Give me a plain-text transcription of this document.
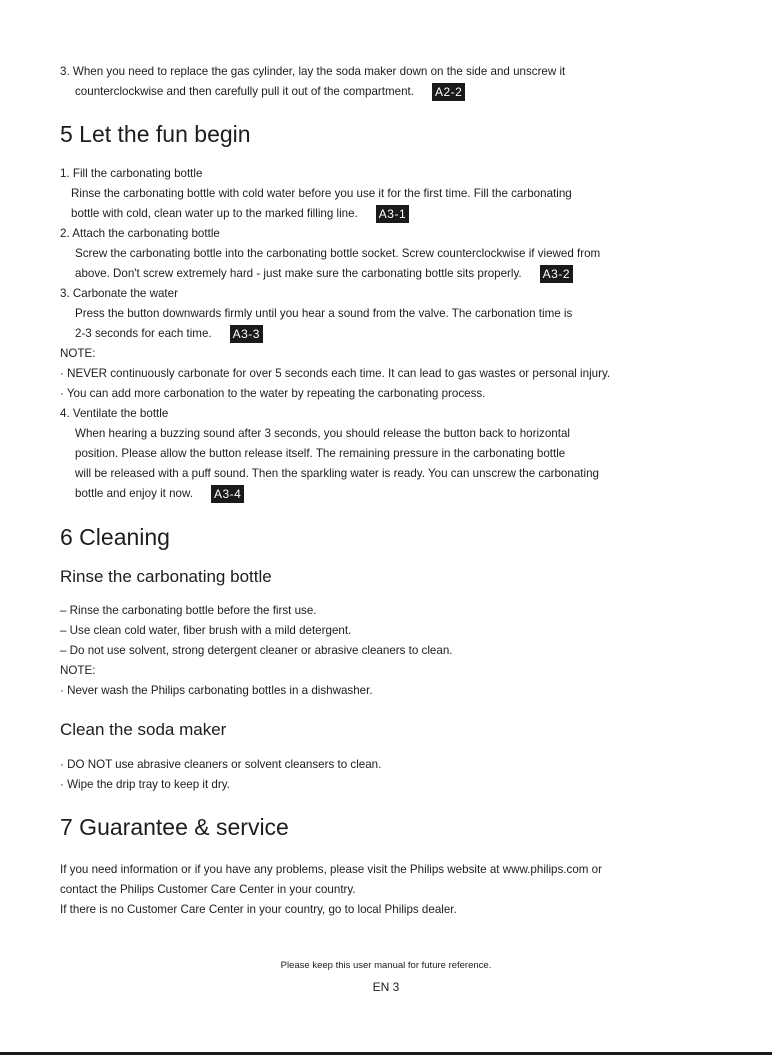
3. When you need to replace the gas cylinder, lay the soda maker down on the side and unscrew it
counterclockwise and then carefully pull it out of the compartment. A2-2
5 Let the fun begin
1. Fill the carbonating bottle
Rinse the carbonating bottle with cold water before you use it for the first time. Fill the carbonating
bottle with cold, clean water up to the marked filling line. A3-1
2. Attach the carbonating bottle
Screw the carbonating bottle into the carbonating bottle socket. Screw counterclockwise if viewed from
above. Don't screw extremely hard - just make sure the carbonating bottle sits properly. A3-2
3. Carbonate the water
Press the button downwards firmly until you hear a sound from the valve. The carbonation time is
2-3 seconds for each time. A3-3
NOTE:
· NEVER continuously carbonate for over 5 seconds each time. It can lead to gas wastes or personal injury.
· You can add more carbonation to the water by repeating the carbonating process.
4. Ventilate the bottle
When hearing a buzzing sound after 3 seconds, you should release the button back to horizontal
position. Please allow the button release itself. The remaining pressure in the carbonating bottle
will be released with a puff sound. Then the sparkling water is ready. You can unscrew the carbonating
bottle and enjoy it now. A3-4
6 Cleaning
Rinse the carbonating bottle
– Rinse the carbonating bottle before the first use.
– Use clean cold water, fiber brush with a mild detergent.
– Do not use solvent, strong detergent cleaner or abrasive cleaners to clean.
NOTE:
· Never wash the Philips carbonating bottles in a dishwasher.
Clean the soda maker
· DO NOT use abrasive cleaners or solvent cleansers to clean.
· Wipe the drip tray to keep it dry.
7 Guarantee & service
If you need information or if you have any problems, please visit the Philips website at www.philips.com or
contact the Philips Customer Care Center in your country.
If there is no Customer Care Center in your country, go to local Philips dealer.
Please keep this user manual for future reference.
EN 3
